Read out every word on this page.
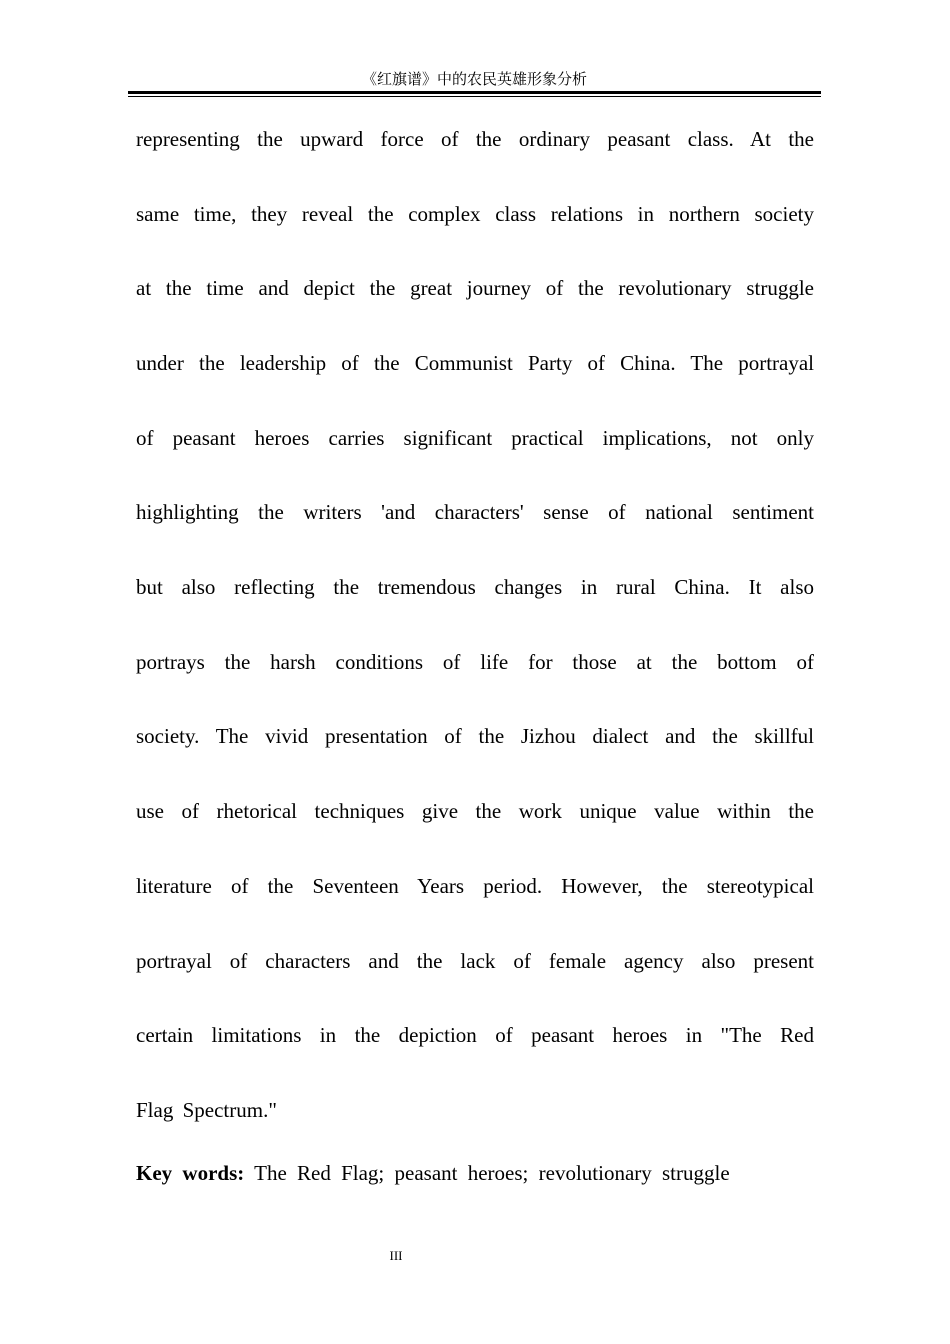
《红旗谱》中的农民英雄形象分析
representing the upward force of the ordinary peasant class. At the
same time, they reveal the complex class relations in northern society
at the time and depict the great journey of the revolutionary struggle
under the leadership of the Communist Party of China. The portrayal
of peasant heroes carries significant practical implications, not only
highlighting the writers 'and characters' sense of national sentiment
but also reflecting the tremendous changes in rural China. It also
portrays the harsh conditions of life for those at the bottom of
society. The vivid presentation of the Jizhou dialect and the skillful
use of rhetorical techniques give the work unique value within the
literature of the Seventeen Years period. However, the stereotypical
portrayal of characters and the lack of female agency also present
certain limitations in the depiction of peasant heroes in "The Red
Flag Spectrum."
Key words: The Red Flag; peasant heroes; revolutionary struggle
III
